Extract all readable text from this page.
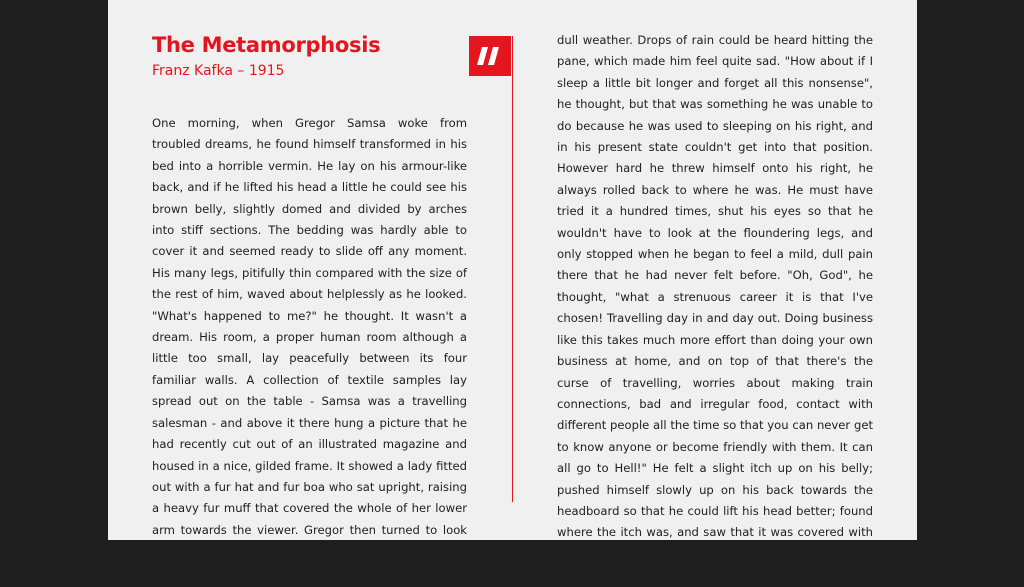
The Metamorphosis

Franz Kafka – 1915

One morning, when Gregor Samsa woke from troubled dreams, he found himself transformed in his bed into a horrible vermin. He lay on his armour-like back, and if he lifted his head a little he could see his brown belly, slightly domed and divided by arches into stiff sections. The bedding was hardly able to cover it and seemed ready to slide off any moment. His many legs, pitifully thin compared with the size of the rest of him, waved about helplessly as he looked. "What's happened to me?" he thought. It wasn't a dream. His room, a proper human room although a little too small, lay peacefully between its four familiar walls. A collection of textile samples lay spread out on the table - Samsa was a travelling salesman - and above it there hung a picture that he had recently cut out of an illustrated magazine and housed in a nice, gilded frame. It showed a lady fitted out with a fur hat and fur boa who sat upright, raising a heavy fur muff that covered the whole of her lower arm towards the viewer. Gregor then turned to look out the window at the

dull weather. Drops of rain could be heard hitting the pane, which made him feel quite sad. "How about if I sleep a little bit longer and forget all this nonsense", he thought, but that was something he was unable to do because he was used to sleeping on his right, and in his present state couldn't get into that position. However hard he threw himself onto his right, he always rolled back to where he was. He must have tried it a hundred times, shut his eyes so that he wouldn't have to look at the floundering legs, and only stopped when he began to feel a mild, dull pain there that he had never felt before. "Oh, God", he thought, "what a strenuous career it is that I've chosen! Travelling day in and day out. Doing business like this takes much more effort than doing your own business at home, and on top of that there's the curse of travelling, worries about making train connections, bad and irregular food, contact with different people all the time so that you can never get to know anyone or become friendly with them. It can all go to Hell!" He felt a slight itch up on his belly; pushed himself slowly up on his back towards the headboard so that he could lift his head better; found where the itch was, and saw that it was covered with lots of little white spots which he didn't know what to make of.
